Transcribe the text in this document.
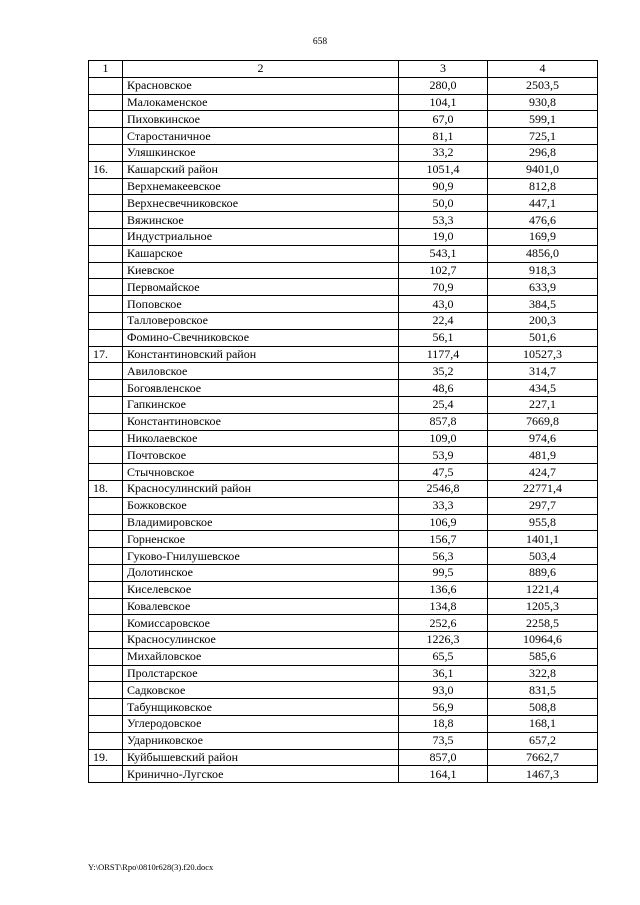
658
1	2	3	4
	Красновское	280,0	2503,5
	Малокаменское	104,1	930,8
	Пиховкинское	67,0	599,1
	Старостаничное	81,1	725,1
	Уляшкинское	33,2	296,8
16.	Кашарский район	1051,4	9401,0
	Верхнемакеевское	90,9	812,8
	Верхнесвечниковское	50,0	447,1
	Вяжинское	53,3	476,6
	Индустриальное	19,0	169,9
	Кашарское	543,1	4856,0
	Киевское	102,7	918,3
	Первомайское	70,9	633,9
	Поповское	43,0	384,5
	Талловеровское	22,4	200,3
	Фомино-Свечниковское	56,1	501,6
17.	Константиновский район	1177,4	10527,3
	Авиловское	35,2	314,7
	Богоявленское	48,6	434,5
	Гапкинское	25,4	227,1
	Константиновское	857,8	7669,8
	Николаевское	109,0	974,6
	Почтовское	53,9	481,9
	Стычновское	47,5	424,7
18.	Красносулинский район	2546,8	22771,4
	Божковское	33,3	297,7
	Владимировское	106,9	955,8
	Горненское	156,7	1401,1
	Гуково-Гнилушевское	56,3	503,4
	Долотинское	99,5	889,6
	Киселевское	136,6	1221,4
	Ковалевское	134,8	1205,3
	Комиссаровское	252,6	2258,5
	Красносулинское	1226,3	10964,6
	Михайловское	65,5	585,6
	Пролстарское	36,1	322,8
	Садковское	93,0	831,5
	Табунщиковское	56,9	508,8
	Углеродовское	18,8	168,1
	Ударниковское	73,5	657,2
19.	Куйбышевский район	857,0	7662,7
	Кринично-Лугское	164,1	1467,3
Y:\ORST\Rpo\0810r628(3).f20.docx
